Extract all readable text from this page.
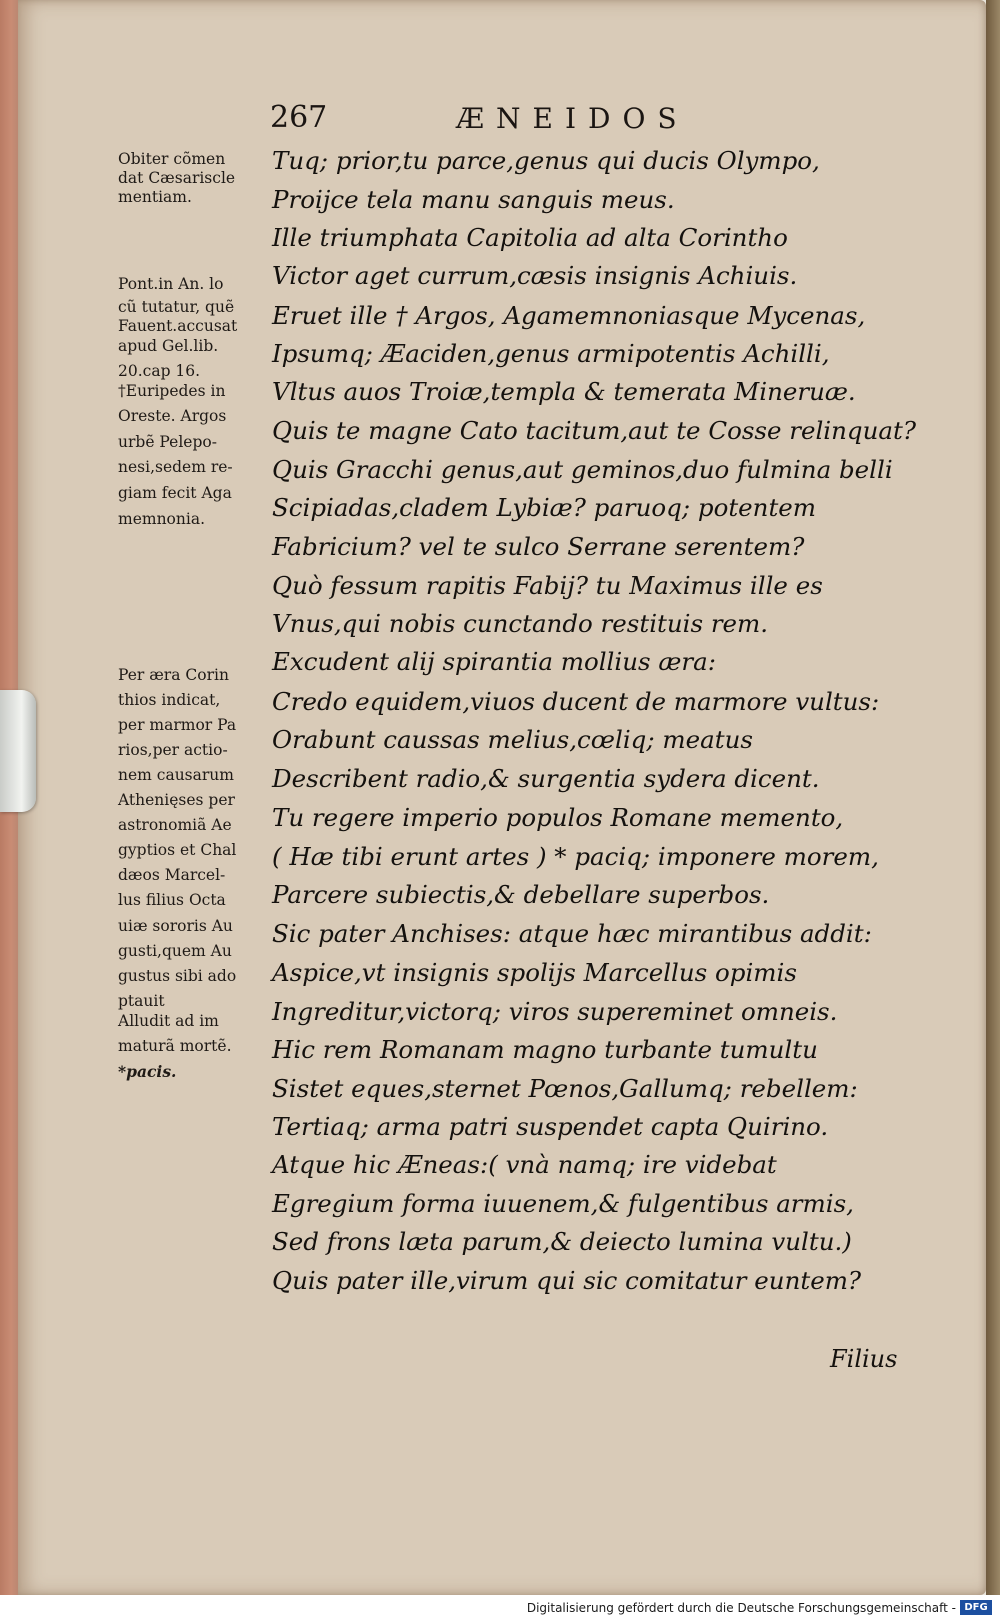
267	ÆNEIDOS
Obiter cõmen
dat Cæsariscle
mentiam.
Pont.in An. lo
cũ tutatur, quẽ
Fauent.accusat
apud Gel.lib.
20.cap 16.
†Euripedes in
Oreste. Argos
urbẽ Pelepo-
nesi,sedem re-
giam fecit Aga
memnonia.
Per æra Corin
thios indicat,
per marmor Pa
rios,per actio-
nem causarum
Athenięses per
astronomiã Ae
gyptios et Chal
dæos Marcel-
lus filius Octa
uiæ sororis Au
gusti,quem Au
gustus sibi ado
ptauit
Alludit ad im
maturã mortẽ.
*pacis.
Tuq; prior,tu parce,genus qui ducis Olympo,
Proijce tela manu sanguis meus.
Ille triumphata Capitolia ad alta Corintho
Victor aget currum,cæsis insignis Achiuis.
Eruet ille † Argos, Agamemnoniasque Mycenas,
Ipsumq; Æaciden,genus armipotentis Achilli,
Vltus auos Troiæ,templa & temerata Mineruæ.
Quis te magne Cato tacitum,aut te Cosse relinquat?
Quis Gracchi genus,aut geminos,duo fulmina belli
Scipiadas,cladem Lybiæ? paruoq; potentem
Fabricium? vel te sulco Serrane serentem?
Quò fessum rapitis Fabij? tu Maximus ille es
Vnus,qui nobis cunctando restituis rem.
Excudent alij spirantia mollius æra:
Credo equidem,viuos ducent de marmore vultus:
Orabunt caussas melius,cœliq; meatus
Describent radio,& surgentia sydera dicent.
Tu regere imperio populos Romane memento,
( Hæ tibi erunt artes ) * paciq; imponere morem,
Parcere subiectis,& debellare superbos.
Sic pater Anchises: atque hæc mirantibus addit:
Aspice,vt insignis spolijs Marcellus opimis
Ingreditur,victorq; viros supereminet omneis.
Hic rem Romanam magno turbante tumultu
Sistet eques,sternet Pœnos,Gallumq; rebellem:
Tertiaq; arma patri suspendet capta Quirino.
Atque hic Æneas:( vnà namq; ire videbat
Egregium forma iuuenem,& fulgentibus armis,
Sed frons læta parum,& deiecto lumina vultu.)
Quis pater ille,virum qui sic comitatur euntem?
Filius
Digitalisierung gefördert durch die Deutsche Forschungsgemeinschaft - DFG
